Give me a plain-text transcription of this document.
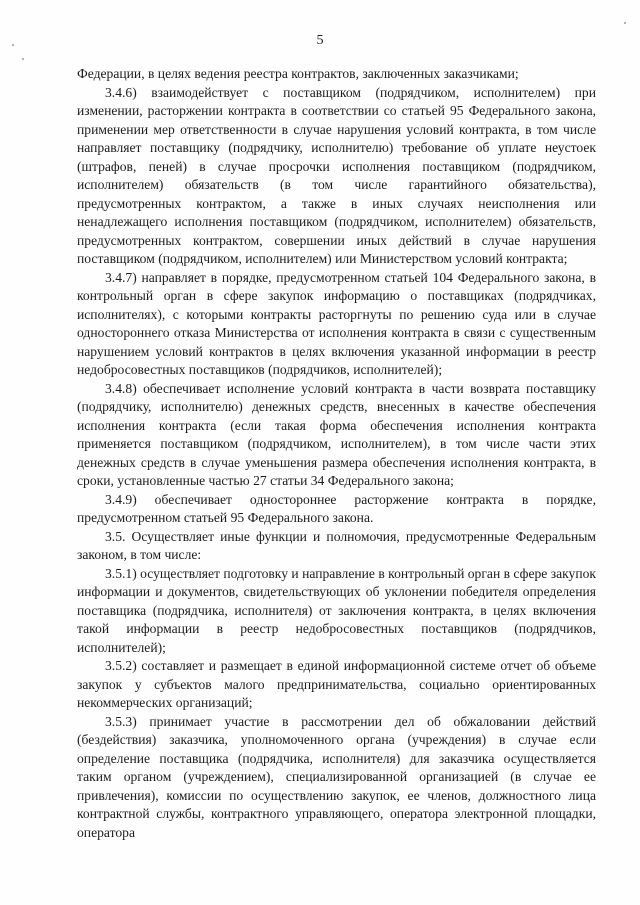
5

Федерации, в целях ведения реестра контрактов, заключенных заказчиками;

3.4.6) взаимодействует с поставщиком (подрядчиком, исполнителем) при изменении, расторжении контракта в соответствии со статьей 95 Федерального закона, применении мер ответственности в случае нарушения условий контракта, в том числе направляет поставщику (подрядчику, исполнителю) требование об уплате неустоек (штрафов, пеней) в случае просрочки исполнения поставщиком (подрядчиком, исполнителем) обязательств (в том числе гарантийного обязательства), предусмотренных контрактом, а также в иных случаях неисполнения или ненадлежащего исполнения поставщиком (подрядчиком, исполнителем) обязательств, предусмотренных контрактом, совершении иных действий в случае нарушения поставщиком (подрядчиком, исполнителем) или Министерством условий контракта;

3.4.7) направляет в порядке, предусмотренном статьей 104 Федерального закона, в контрольный орган в сфере закупок информацию о поставщиках (подрядчиках, исполнителях), с которыми контракты расторгнуты по решению суда или в случае одностороннего отказа Министерства от исполнения контракта в связи с существенным нарушением условий контрактов в целях включения указанной информации в реестр недобросовестных поставщиков (подрядчиков, исполнителей);

3.4.8) обеспечивает исполнение условий контракта в части возврата поставщику (подрядчику, исполнителю) денежных средств, внесенных в качестве обеспечения исполнения контракта (если такая форма обеспечения исполнения контракта применяется поставщиком (подрядчиком, исполнителем), в том числе части этих денежных средств в случае уменьшения размера обеспечения исполнения контракта, в сроки, установленные частью 27 статьи 34 Федерального закона;

3.4.9) обеспечивает одностороннее расторжение контракта в порядке, предусмотренном статьей 95 Федерального закона.

3.5. Осуществляет иные функции и полномочия, предусмотренные Федеральным законом, в том числе:

3.5.1) осуществляет подготовку и направление в контрольный орган в сфере закупок информации и документов, свидетельствующих об уклонении победителя определения поставщика (подрядчика, исполнителя) от заключения контракта, в целях включения такой информации в реестр недобросовестных поставщиков (подрядчиков, исполнителей);

3.5.2) составляет и размещает в единой информационной системе отчет об объеме закупок у субъектов малого предпринимательства, социально ориентированных некоммерческих организаций;

3.5.3) принимает участие в рассмотрении дел об обжаловании действий (бездействия) заказчика, уполномоченного органа (учреждения) в случае если определение поставщика (подрядчика, исполнителя) для заказчика осуществляется таким органом (учреждением), специализированной организацией (в случае ее привлечения), комиссии по осуществлению закупок, ее членов, должностного лица контрактной службы, контрактного управляющего, оператора электронной площадки, оператора
